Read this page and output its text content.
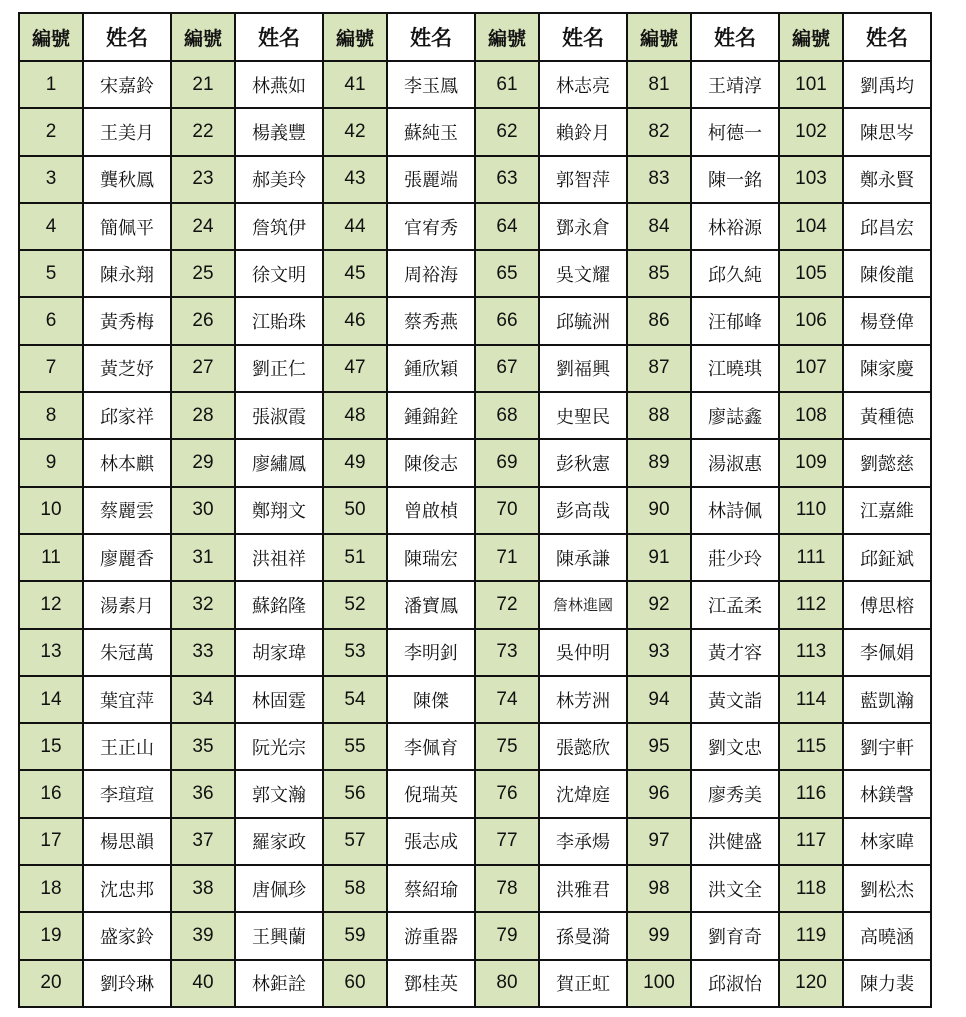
編號	姓名	編號	姓名	編號	姓名	編號	姓名	編號	姓名	編號	姓名
1	宋嘉鈴	21	林燕如	41	李玉鳳	61	林志亮	81	王靖淳	101	劉禹均
2	王美月	22	楊義豐	42	蘇純玉	62	賴鈴月	82	柯德一	102	陳思岑
3	龔秋鳳	23	郝美玲	43	張麗端	63	郭智萍	83	陳一銘	103	鄭永賢
4	簡佩平	24	詹筑伊	44	官宥秀	64	鄧永倉	84	林裕源	104	邱昌宏
5	陳永翔	25	徐文明	45	周裕海	65	吳文耀	85	邱久純	105	陳俊龍
6	黃秀梅	26	江貽珠	46	蔡秀燕	66	邱毓洲	86	汪郁峰	106	楊登偉
7	黃芝妤	27	劉正仁	47	鍾欣穎	67	劉福興	87	江曉琪	107	陳家慶
8	邱家祥	28	張淑霞	48	鍾錦銓	68	史聖民	88	廖誌鑫	108	黃種德
9	林本麒	29	廖繡鳳	49	陳俊志	69	彭秋憲	89	湯淑惠	109	劉懿慈
10	蔡麗雲	30	鄭翔文	50	曾啟楨	70	彭高哉	90	林詩佩	110	江嘉維
11	廖麗香	31	洪祖祥	51	陳瑞宏	71	陳承謙	91	莊少玲	111	邱鉦斌
12	湯素月	32	蘇銘隆	52	潘寶鳳	72	詹林進國	92	江孟柔	112	傅思榕
13	朱冠萬	33	胡家瑋	53	李明釗	73	吳仲明	93	黃才容	113	李佩娟
14	葉宜萍	34	林固霆	54	陳傑	74	林芳洲	94	黃文詣	114	藍凱瀚
15	王正山	35	阮光宗	55	李佩育	75	張懿欣	95	劉文忠	115	劉宇軒
16	李瑄瑄	36	郭文瀚	56	倪瑞英	76	沈煒庭	96	廖秀美	116	林鎂謦
17	楊思韻	37	羅家政	57	張志成	77	李承煬	97	洪健盛	117	林家暐
18	沈忠邦	38	唐佩珍	58	蔡紹瑜	78	洪雅君	98	洪文全	118	劉松杰
19	盛家鈴	39	王興蘭	59	游重器	79	孫曼漪	99	劉育奇	119	高曉涵
20	劉玲琳	40	林鉅詮	60	鄧桂英	80	賀正虹	100	邱淑怡	120	陳力裴
